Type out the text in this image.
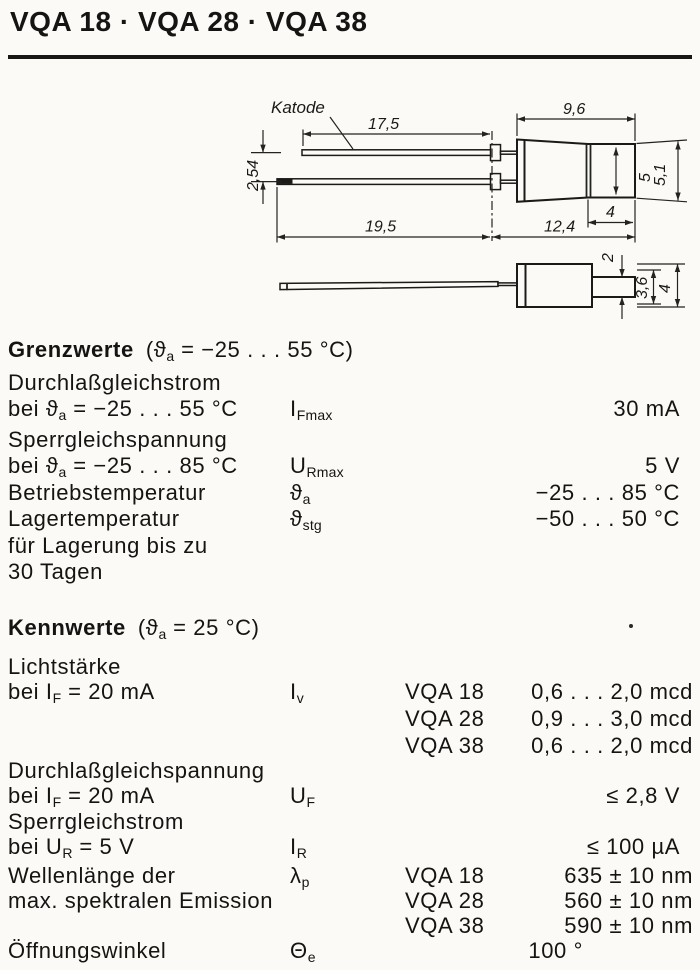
VQA 18 · VQA 28 · VQA 38
Katode
17,5
9,6
2,54
19,5	12,4
4
5
5,1
2
3,6 4
Grenzwerte ($ϑ_a = -25$ . . . 55 °C)
Durchlaßgleichstrom
bei $ϑ_a = -25$ . . . 55 °C $I_{Fmax}$	30 mA
Sperrgleichspannung
bei $ϑ_a = -25$ . . . 85 °C $U_{Rmax}$	5 V
Betriebstemperatur	$ϑ_a$	−25 . . . 85 °C
Lagertemperatur	$ϑ_{stg}$	−50 . . . 50 °C
für Lagerung bis zu
30 Tagen
Kennwerte ($ϑ_a = 25$ °C)
Lichtstärke
bei $I_F = 20$ mA	$I_v$	VQA 18 0,6 . . . 2,0 mcd
VQA 28 0,9 . . . 3,0 mcd
VQA 38 0,6 . . . 2,0 mcd
Durchlaßgleichspannung
bei $I_F = 20$ mA	$U_F$	≤ 2,8 V
Sperrgleichstrom
bei $U_R = 5$ V	$I_R$	≤ 100 µA
Wellenlänge der
max. spektralen Emission
$\lambda_p$	VQA 18	635 ± 10 nm
VQA 28	560 ± 10 nm
VQA 38	590 ± 10 nm
Öffnungswinkel	$\Theta_e$	100 °
